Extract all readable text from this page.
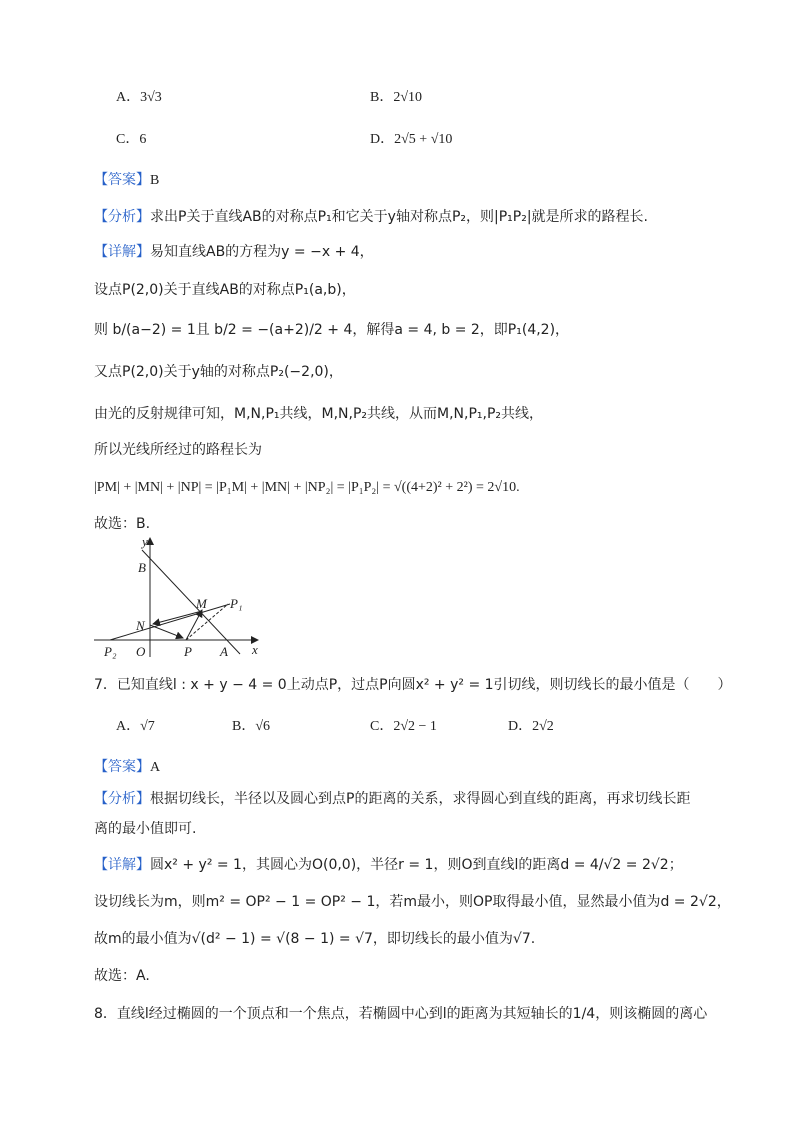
A．3√3	B．2√10
C．6	D．2√5 + √10
【答案】B
【分析】求出P关于直线AB的对称点P₁和它关于y轴对称点P₂，则|P₁P₂|就是所求的路程长.
【详解】易知直线AB的方程为y = −x + 4，
设点P(2,0)关于直线AB的对称点P₁(a,b)，
则 b/(a−2) = 1且 b/2 = −(a+2)/2 + 4，解得a = 4, b = 2，即P₁(4,2)，
又点P(2,0)关于y轴的对称点P₂(−2,0)，
由光的反射规律可知，M,N,P₁共线，M,N,P₂共线，从而M,N,P₁,P₂共线，
所以光线所经过的路程长为
|PM| + |MN| + |NP| = |P₁M| + |MN| + |NP₂| = |P₁P₂| = √((4+2)² + 2²) = 2√10.
故选：B.
y
x
B
M P₁
N
P₂ O	P A
7．已知直线l : x + y − 4 = 0上动点P，过点P向圆x² + y² = 1引切线，则切线长的最小值是（　　）
A．√7	B．√6	C．2√2 − 1	D．2√2
【答案】A
【分析】根据切线长，半径以及圆心到点P的距离的关系，求得圆心到直线的距离，再求切线长距
离的最小值即可.
【详解】圆x² + y² = 1，其圆心为O(0,0)，半径r = 1，则O到直线l的距离d = 4/√2 = 2√2；
设切线长为m，则m² = OP² − 1 = OP² − 1，若m最小，则OP取得最小值，显然最小值为d = 2√2，
故m的最小值为√(d² − 1) = √(8 − 1) = √7，即切线长的最小值为√7.
故选：A.
8．直线l经过椭圆的一个顶点和一个焦点，若椭圆中心到l的距离为其短轴长的1/4，则该椭圆的离心
